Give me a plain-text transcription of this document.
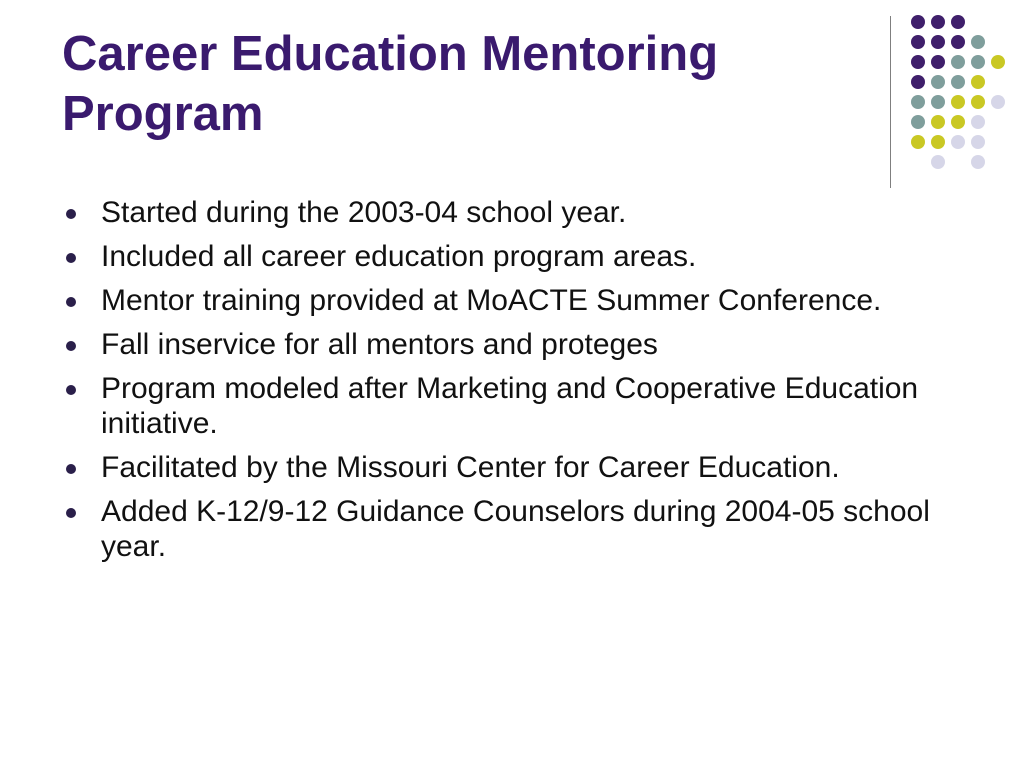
Career Education Mentoring
Program
Started during the 2003-04 school year.
Included all career education program areas.
Mentor training provided at MoACTE Summer Conference.
Fall inservice for all mentors and proteges
Program modeled after Marketing and Cooperative Education initiative.
Facilitated by the Missouri Center for Career Education.
Added K-12/9-12 Guidance Counselors during 2004-05 school year.
